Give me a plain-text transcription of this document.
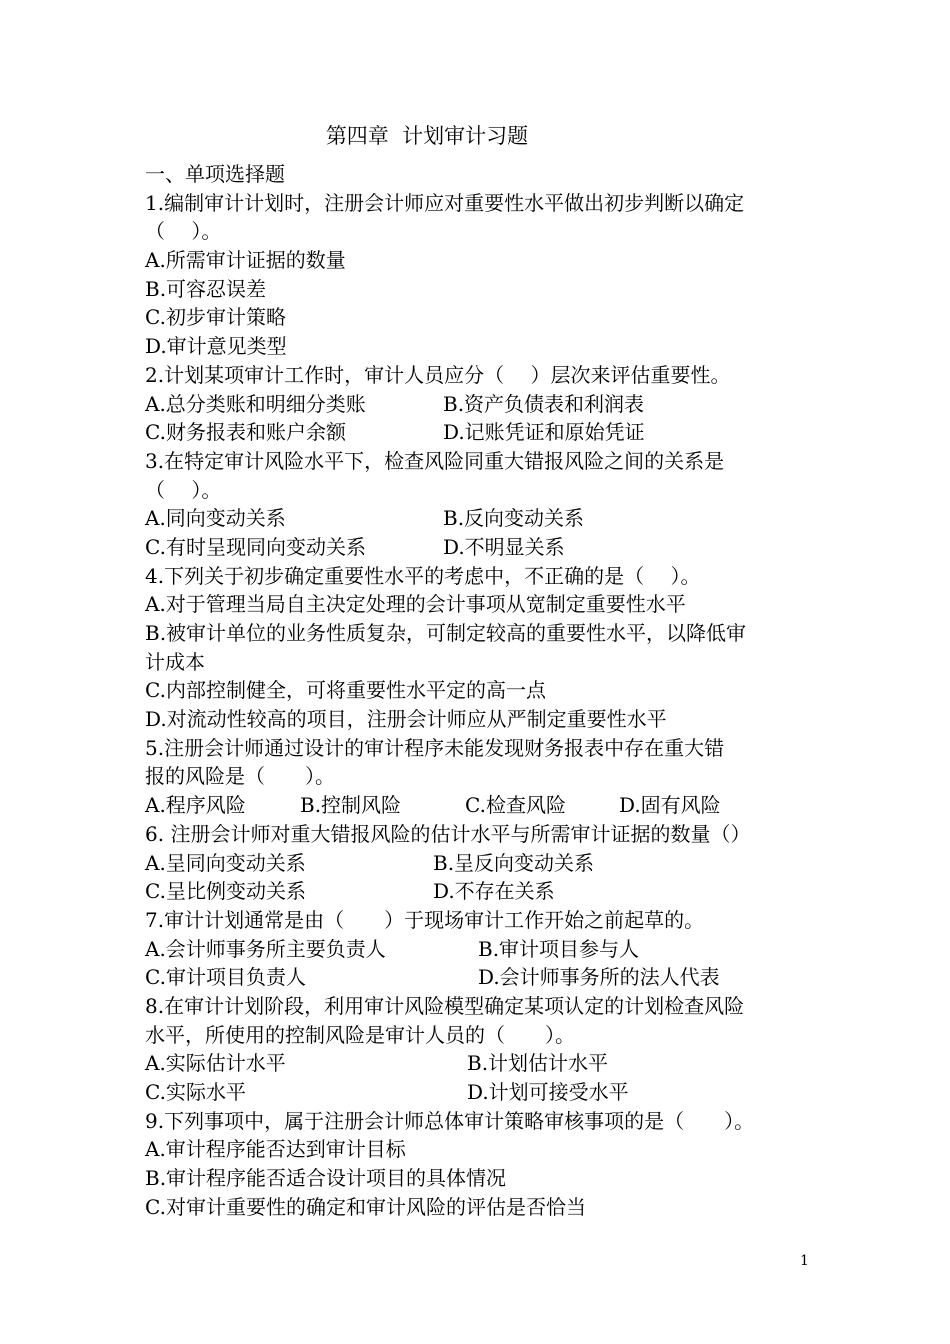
第四章  计划审计习题
一、单项选择题
1.编制审计计划时，注册会计师应对重要性水平做出初步判断以确定
（　 ）。
A.所需审计证据的数量
B.可容忍误差
C.初步审计策略
D.审计意见类型
2.计划某项审计工作时，审计人员应分（　 ）层次来评估重要性。
A.总分类账和明细分类账	B.资产负债表和利润表
C.财务报表和账户余额	D.记账凭证和原始凭证
3.在特定审计风险水平下，检查风险同重大错报风险之间的关系是
（　 ）。
A.同向变动关系	B.反向变动关系
C.有时呈现同向变动关系	D.不明显关系
4.下列关于初步确定重要性水平的考虑中，不正确的是（　 ）。
A.对于管理当局自主决定处理的会计事项从宽制定重要性水平
B.被审计单位的业务性质复杂，可制定较高的重要性水平，以降低审
计成本
C.内部控制健全，可将重要性水平定的高一点
D.对流动性较高的项目，注册会计师应从严制定重要性水平
5.注册会计师通过设计的审计程序未能发现财务报表中存在重大错
报的风险是（　　）。
A.程序风险	B.控制风险	C.检查风险	D.固有风险
6. 注册会计师对重大错报风险的估计水平与所需审计证据的数量（）
A.呈同向变动关系	B.呈反向变动关系
C.呈比例变动关系	D.不存在关系
7.审计计划通常是由（　　）于现场审计工作开始之前起草的。
A.会计师事务所主要负责人	B.审计项目参与人
C.审计项目负责人	D.会计师事务所的法人代表
8.在审计计划阶段，利用审计风险模型确定某项认定的计划检查风险
水平，所使用的控制风险是审计人员的（　　）。
A.实际估计水平	B.计划估计水平
C.实际水平	D.计划可接受水平
9.下列事项中，属于注册会计师总体审计策略审核事项的是（　　）。
A.审计程序能否达到审计目标
B.审计程序能否适合设计项目的具体情况
C.对审计重要性的确定和审计风险的评估是否恰当
1
